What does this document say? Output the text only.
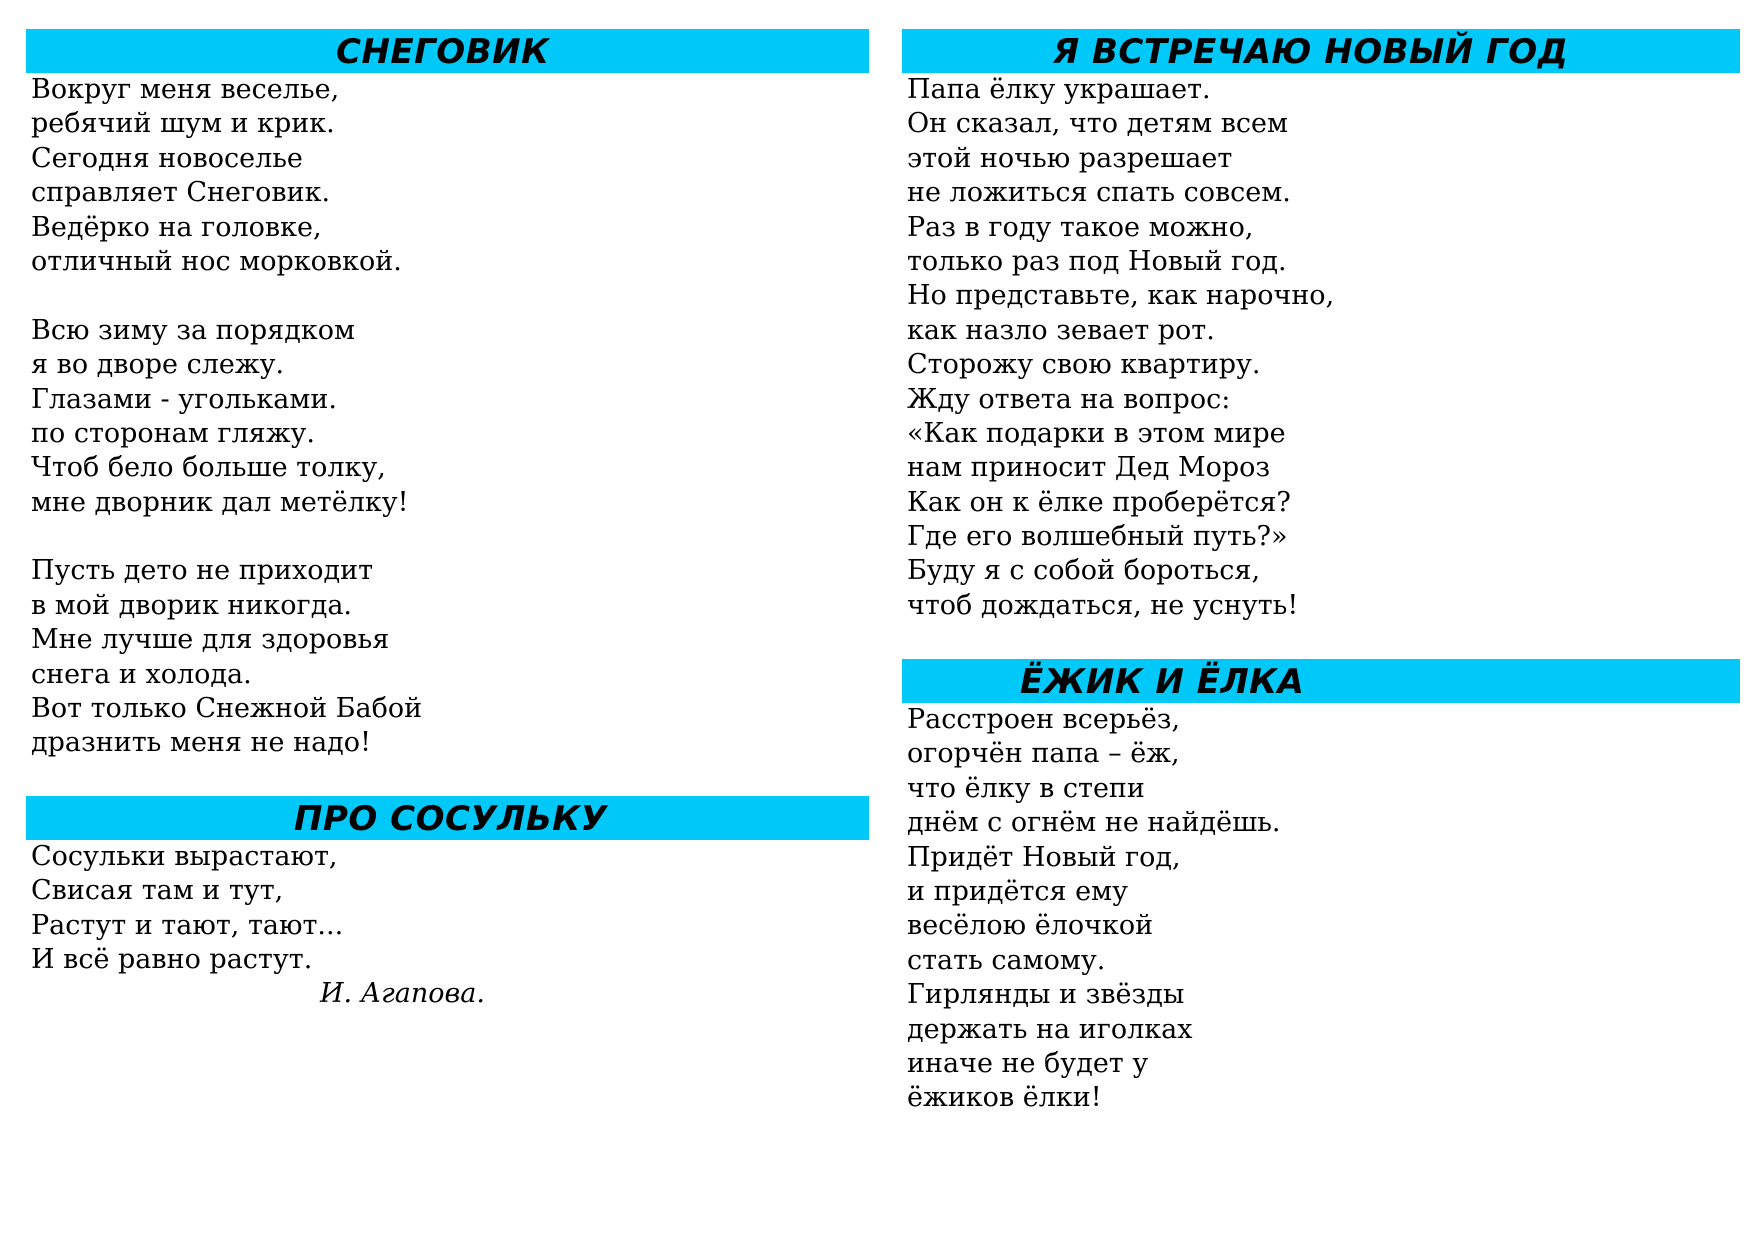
СНЕГОВИК
Вокруг меня веселье,
ребячий шум и крик.
Сегодня новоселье
справляет Снеговик.
Ведёрко на головке,
отличный нос морковкой.
Всю зиму за порядком
я во дворе слежу.
Глазами - угольками.
по сторонам гляжу.
Чтоб бело больше толку,
мне дворник дал метёлку!
Пусть дето не приходит
в мой дворик никогда.
Мне лучше для здоровья
снега и холода.
Вот только Снежной Бабой
дразнить меня не надо!
ПРО СОСУЛЬКУ
Сосульки вырастают,
Свисая там и тут,
Растут и тают, тают...
И всё равно растут.
И. Агапова.
Я ВСТРЕЧАЮ НОВЫЙ ГОД
Папа ёлку украшает.
Он сказал, что детям всем
этой ночью разрешает
не ложиться спать совсем.
Раз в году такое можно,
только раз под Новый год.
Но представьте, как нарочно,
как назло зевает рот.
Сторожу свою квартиру.
Жду ответа на вопрос:
«Как подарки в этом мире
нам приносит Дед Мороз
Как он к ёлке проберётся?
Где его волшебный путь?»
Буду я с собой бороться,
чтоб дождаться, не уснуть!
ЁЖИК И ЁЛКА
Расстроен всерьёз,
огорчён папа – ёж,
что ёлку в степи
днём с огнём не найдёшь.
Придёт Новый год,
и придётся ему
весёлою ёлочкой
стать самому.
Гирлянды и звёзды
держать на иголках
иначе не будет у
ёжиков ёлки!
